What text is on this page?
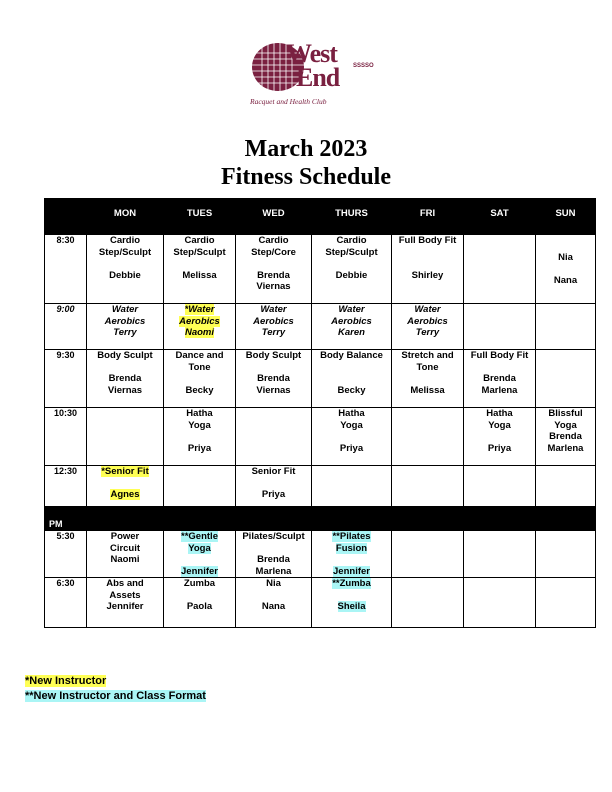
West
End SSSSO
Racquet and Health Club
March 2023
Fitness Schedule
	MON	TUES	WED	THURS	FRI	SAT	SUN

8:30	Cardio
Step/Sculpt

Debbie	Cardio
Step/Sculpt

Melissa	Cardio
Step/Core

Brenda
Viernas	Cardio
Step/Sculpt

Debbie	Full Body Fit

Shirley		Nia

Nana

9:00	Water
Aerobics
Terry	*Water
Aerobics
Naomi	Water
Aerobics
Terry	Water
Aerobics
Karen	Water
Aerobics
Terry		

9:30	Body Sculpt

Brenda
Viernas	Dance and
Tone

Becky	Body Sculpt

Brenda
Viernas	Body Balance

Becky	Stretch and
Tone

Melissa	Full Body Fit

Brenda
Marlena	

10:30		Hatha
Yoga

Priya		Hatha
Yoga

Priya		Hatha
Yoga

Priya	Blissful
Yoga
Brenda
Marlena

12:30	*Senior Fit

Agnes		Senior Fit

Priya				

PM							
5:30	Power
Circuit
Naomi	**Gentle
Yoga

Jennifer	Pilates/Sculpt

Brenda
Marlena	**Pilates
Fusion

Jennifer			

6:30	Abs and
Assets
Jennifer	Zumba

Paola	Nia

Nana	**Zumba

Sheila			

*New Instructor
**New Instructor and Class Format
